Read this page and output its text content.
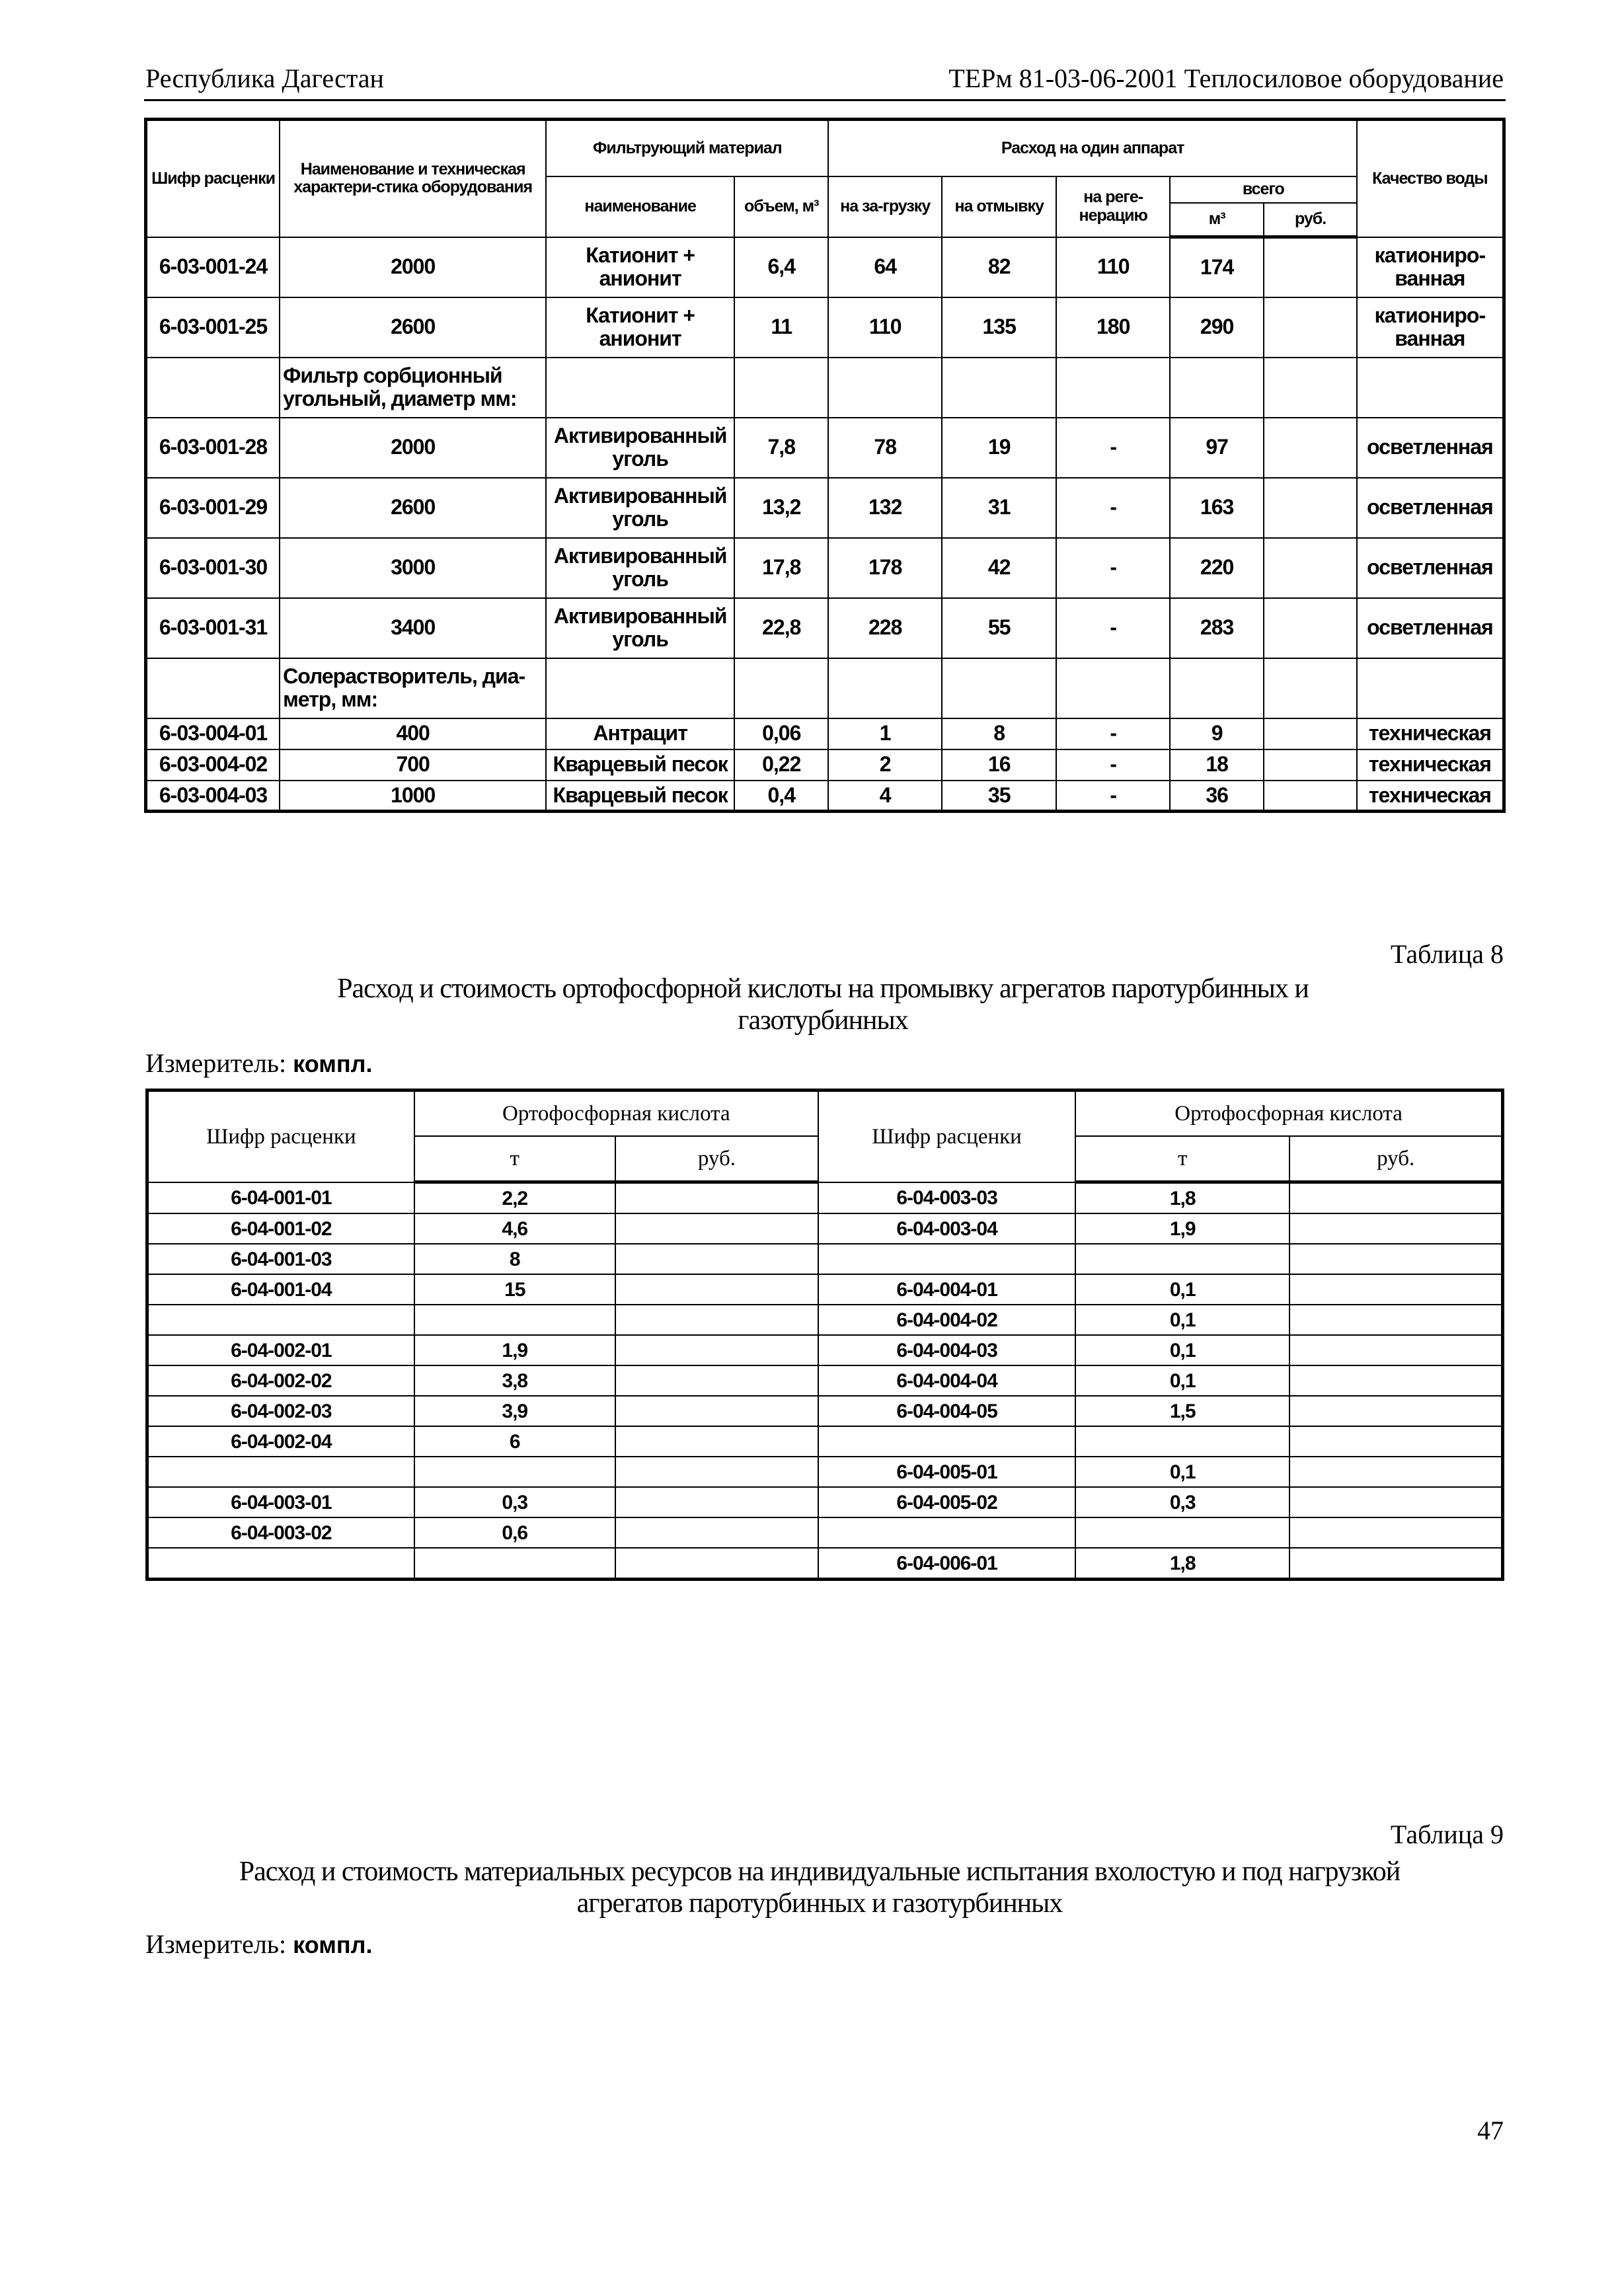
Республика Дагестан	ТЕРм 81-03-06-2001 Теплосиловое оборудование
Шифр расценки	Наименование и техническая характери-стика оборудования	Фильтрующий материал		Расход на один аппарат					Качество воды
		наименование	объем, м³	на за-грузку	на отмывку	на реге-нерацию	всего		
							м³	руб.	
6-03-001-24	2000	Катионит + анионит	6,4	64	82	110	174		катиониро-ванная
6-03-001-25	2600	Катионит + анионит	11	110	135	180	290		катиониро-ванная
	Фильтр сорбционный угольный, диаметр мм:								
6-03-001-28	2000	Активированный уголь	7,8	78	19	-	97		осветленная
6-03-001-29	2600	Активированный уголь	13,2	132	31	-	163		осветленная
6-03-001-30	3000	Активированный уголь	17,8	178	42	-	220		осветленная
6-03-001-31	3400	Активированный уголь	22,8	228	55	-	283		осветленная
	Солерастворитель, диа-метр, мм:								
6-03-004-01	400	Антрацит	0,06	1	8	-	9		техническая
6-03-004-02	700	Кварцевый песок	0,22	2	16	-	18		техническая
6-03-004-03	1000	Кварцевый песок	0,4	4	35	-	36		техническая
Таблица 8
Расход и стоимость ортофосфорной кислоты на промывку агрегатов паротурбинных и газотурбинных
Измеритель: компл.
Шифр расценки	Ортофосфорная кислота		Шифр расценки	Ортофосфорная кислота	
	т	руб.		т	руб.
6-04-001-01	2,2		6-04-003-03	1,8	
6-04-001-02	4,6		6-04-003-04	1,9	
6-04-001-03	8				
6-04-001-04	15		6-04-004-01	0,1	
			6-04-004-02	0,1	
6-04-002-01	1,9		6-04-004-03	0,1	
6-04-002-02	3,8		6-04-004-04	0,1	
6-04-002-03	3,9		6-04-004-05	1,5	
6-04-002-04	6				
			6-04-005-01	0,1	
6-04-003-01	0,3		6-04-005-02	0,3	
6-04-003-02	0,6				
			6-04-006-01	1,8	
Таблица 9
Расход и стоимость материальных ресурсов на индивидуальные испытания вхолостую и под нагрузкой агрегатов паротурбинных и газотурбинных
Измеритель: компл.
47
